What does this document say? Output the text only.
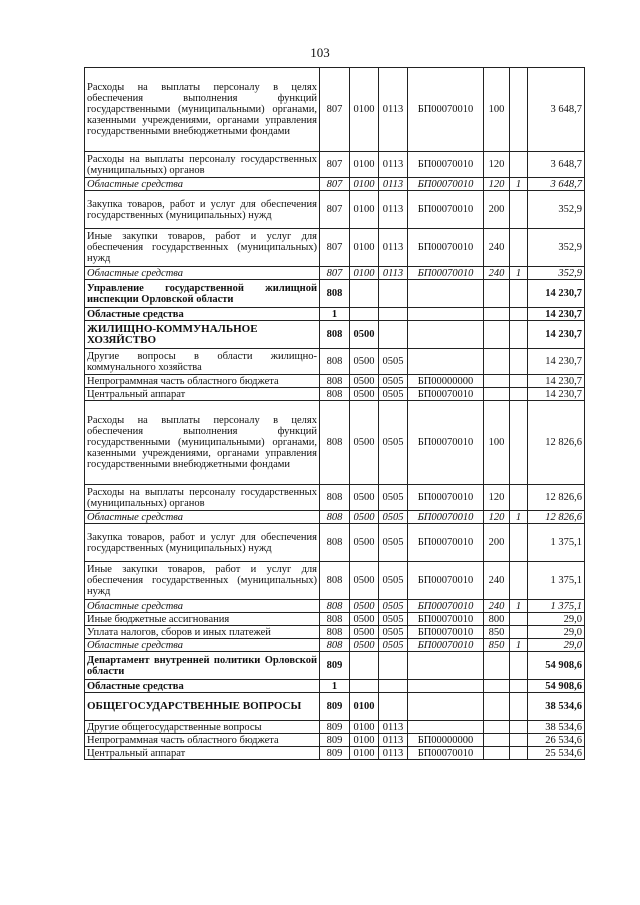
103
Расходы на выплаты персоналу в целях обеспечения выполнения функций государственными (муниципальными) органами, казенными учреждениями, органами управления государственными внебюджетными фондами	807	0100	0113	БП00070010	100		3 648,7
Расходы на выплаты персоналу государственных (муниципальных) органов	807	0100	0113	БП00070010	120		3 648,7
Областные средства	807	0100	0113	БП00070010	120	1	3 648,7
Закупка товаров, работ и услуг для обеспечения государственных (муниципальных) нужд	807	0100	0113	БП00070010	200		352,9
Иные закупки товаров, работ и услуг для обеспечения государственных (муниципальных) нужд	807	0100	0113	БП00070010	240		352,9
Областные средства	807	0100	0113	БП00070010	240	1	352,9
Управление государственной жилищной инспекции Орловской области	808						14 230,7
Областные средства	1						14 230,7
ЖИЛИЩНО-КОММУНАЛЬНОЕ ХОЗЯЙСТВО	808	0500					14 230,7
Другие вопросы в области жилищно-коммунального хозяйства	808	0500	0505				14 230,7
Непрограммная часть областного бюджета	808	0500	0505	БП00000000			14 230,7
Центральный аппарат	808	0500	0505	БП00070010			14 230,7
Расходы на выплаты персоналу в целях обеспечения выполнения функций государственными (муниципальными) органами, казенными учреждениями, органами управления государственными внебюджетными фондами	808	0500	0505	БП00070010	100		12 826,6
Расходы на выплаты персоналу государственных (муниципальных) органов	808	0500	0505	БП00070010	120		12 826,6
Областные средства	808	0500	0505	БП00070010	120	1	12 826,6
Закупка товаров, работ и услуг для обеспечения государственных (муниципальных) нужд	808	0500	0505	БП00070010	200		1 375,1
Иные закупки товаров, работ и услуг для обеспечения государственных (муниципальных) нужд	808	0500	0505	БП00070010	240		1 375,1
Областные средства	808	0500	0505	БП00070010	240	1	1 375,1
Иные бюджетные ассигнования	808	0500	0505	БП00070010	800		29,0
Уплата налогов, сборов и иных платежей	808	0500	0505	БП00070010	850		29,0
Областные средства	808	0500	0505	БП00070010	850	1	29,0
Департамент внутренней политики Орловской области	809						54 908,6
Областные средства	1						54 908,6
ОБЩЕГОСУДАРСТВЕННЫЕ ВОПРОСЫ	809	0100					38 534,6
Другие общегосударственные вопросы	809	0100	0113				38 534,6
Непрограммная часть областного бюджета	809	0100	0113	БП00000000			26 534,6
Центральный аппарат	809	0100	0113	БП00070010			25 534,6
